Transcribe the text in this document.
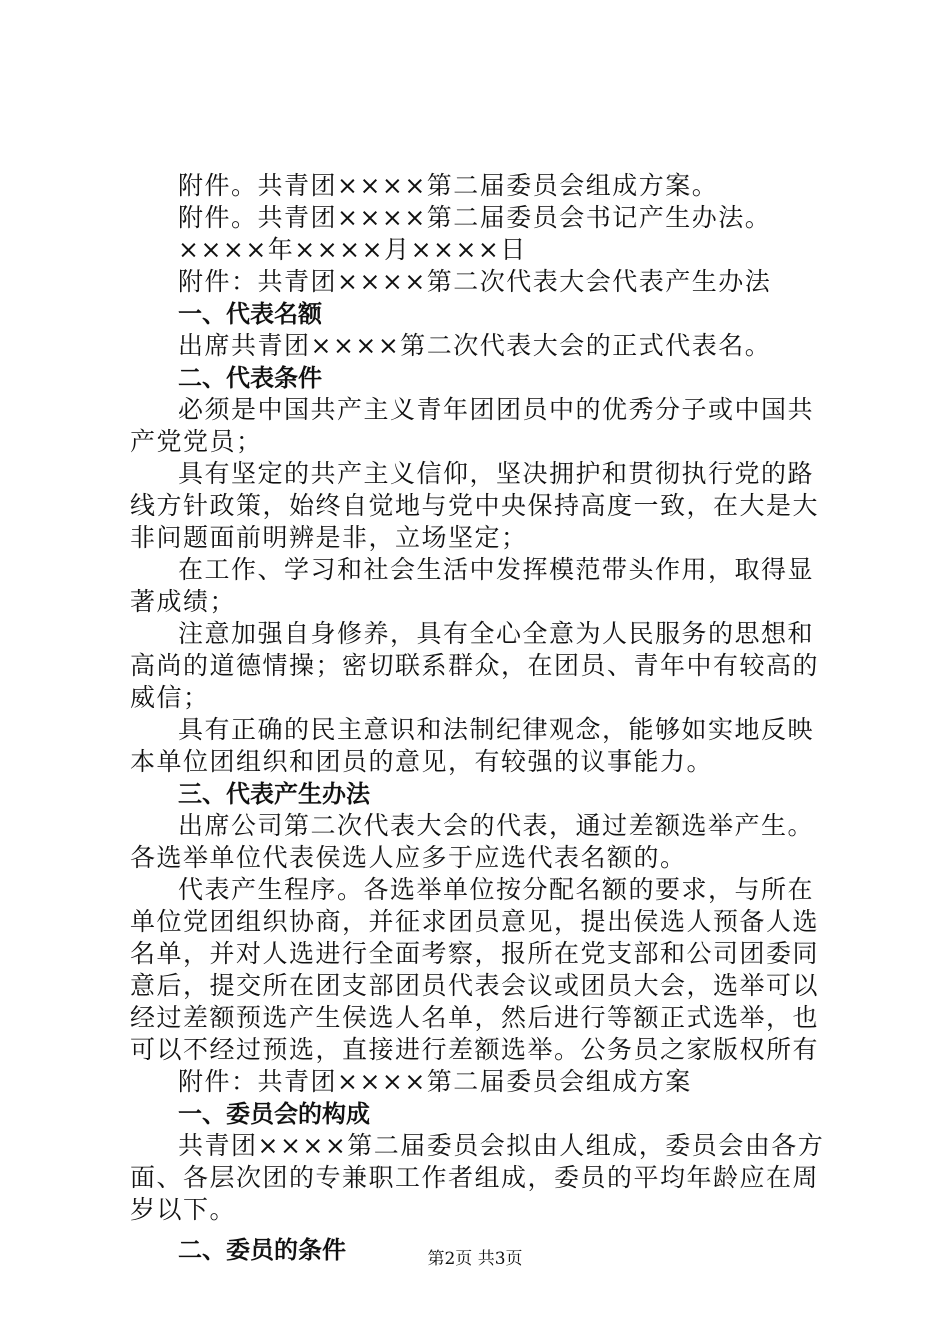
附件。共青团××××第二届委员会组成方案。
附件。共青团××××第二届委员会书记产生办法。
××××年××××月××××日
附件：共青团××××第二次代表大会代表产生办法
一、代表名额
出席共青团××××第二次代表大会的正式代表名。
二、代表条件
必须是中国共产主义青年团团员中的优秀分子或中国共产党党员；
具有坚定的共产主义信仰，坚决拥护和贯彻执行党的路线方针政策，始终自觉地与党中央保持高度一致，在大是大非问题面前明辨是非，立场坚定；
在工作、学习和社会生活中发挥模范带头作用，取得显著成绩；
注意加强自身修养，具有全心全意为人民服务的思想和高尚的道德情操；密切联系群众，在团员、青年中有较高的威信；
具有正确的民主意识和法制纪律观念，能够如实地反映本单位团组织和团员的意见，有较强的议事能力。
三、代表产生办法
出席公司第二次代表大会的代表，通过差额选举产生。各选举单位代表侯选人应多于应选代表名额的。
代表产生程序。各选举单位按分配名额的要求，与所在单位党团组织协商，并征求团员意见，提出侯选人预备人选名单，并对人选进行全面考察，报所在党支部和公司团委同意后，提交所在团支部团员代表会议或团员大会，选举可以经过差额预选产生侯选人名单，然后进行等额正式选举，也可以不经过预选，直接进行差额选举。公务员之家版权所有
附件：共青团××××第二届委员会组成方案
一、委员会的构成
共青团××××第二届委员会拟由人组成，委员会由各方面、各层次团的专兼职工作者组成，委员的平均年龄应在周岁以下。
二、委员的条件	第2页 共3页
